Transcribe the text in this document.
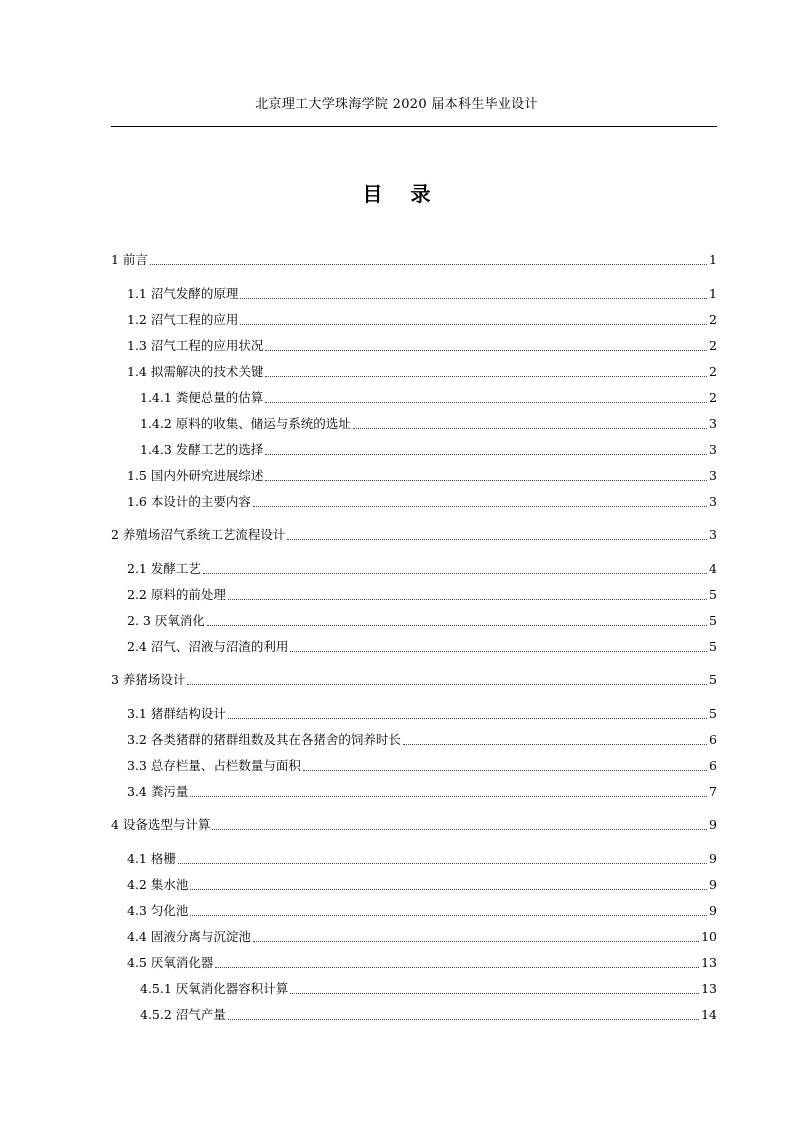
北京理工大学珠海学院 2020 届本科生毕业设计
目 录
1 前言	1
1.1 沼气发酵的原理	1
1.2 沼气工程的应用	2
1.3 沼气工程的应用状况	2
1.4 拟需解决的技术关键	2
1.4.1 粪便总量的估算	2
1.4.2 原料的收集、储运与系统的选址	3
1.4.3 发酵工艺的选择	3
1.5 国内外研究进展综述	3
1.6 本设计的主要内容	3
2 养殖场沼气系统工艺流程设计	3
2.1 发酵工艺	4
2.2 原料的前处理	5
2. 3 厌氧消化	5
2.4 沼气、沼液与沼渣的利用	5
3 养猪场设计	5
3.1 猪群结构设计	5
3.2 各类猪群的猪群组数及其在各猪舍的饲养时长	6
3.3 总存栏量、占栏数量与面积	6
3.4 粪污量	7
4 设备选型与计算	9
4.1 格栅	9
4.2 集水池	9
4.3 匀化池	9
4.4 固液分离与沉淀池	10
4.5 厌氧消化器	13
4.5.1 厌氧消化器容积计算	13
4.5.2 沼气产量	14
